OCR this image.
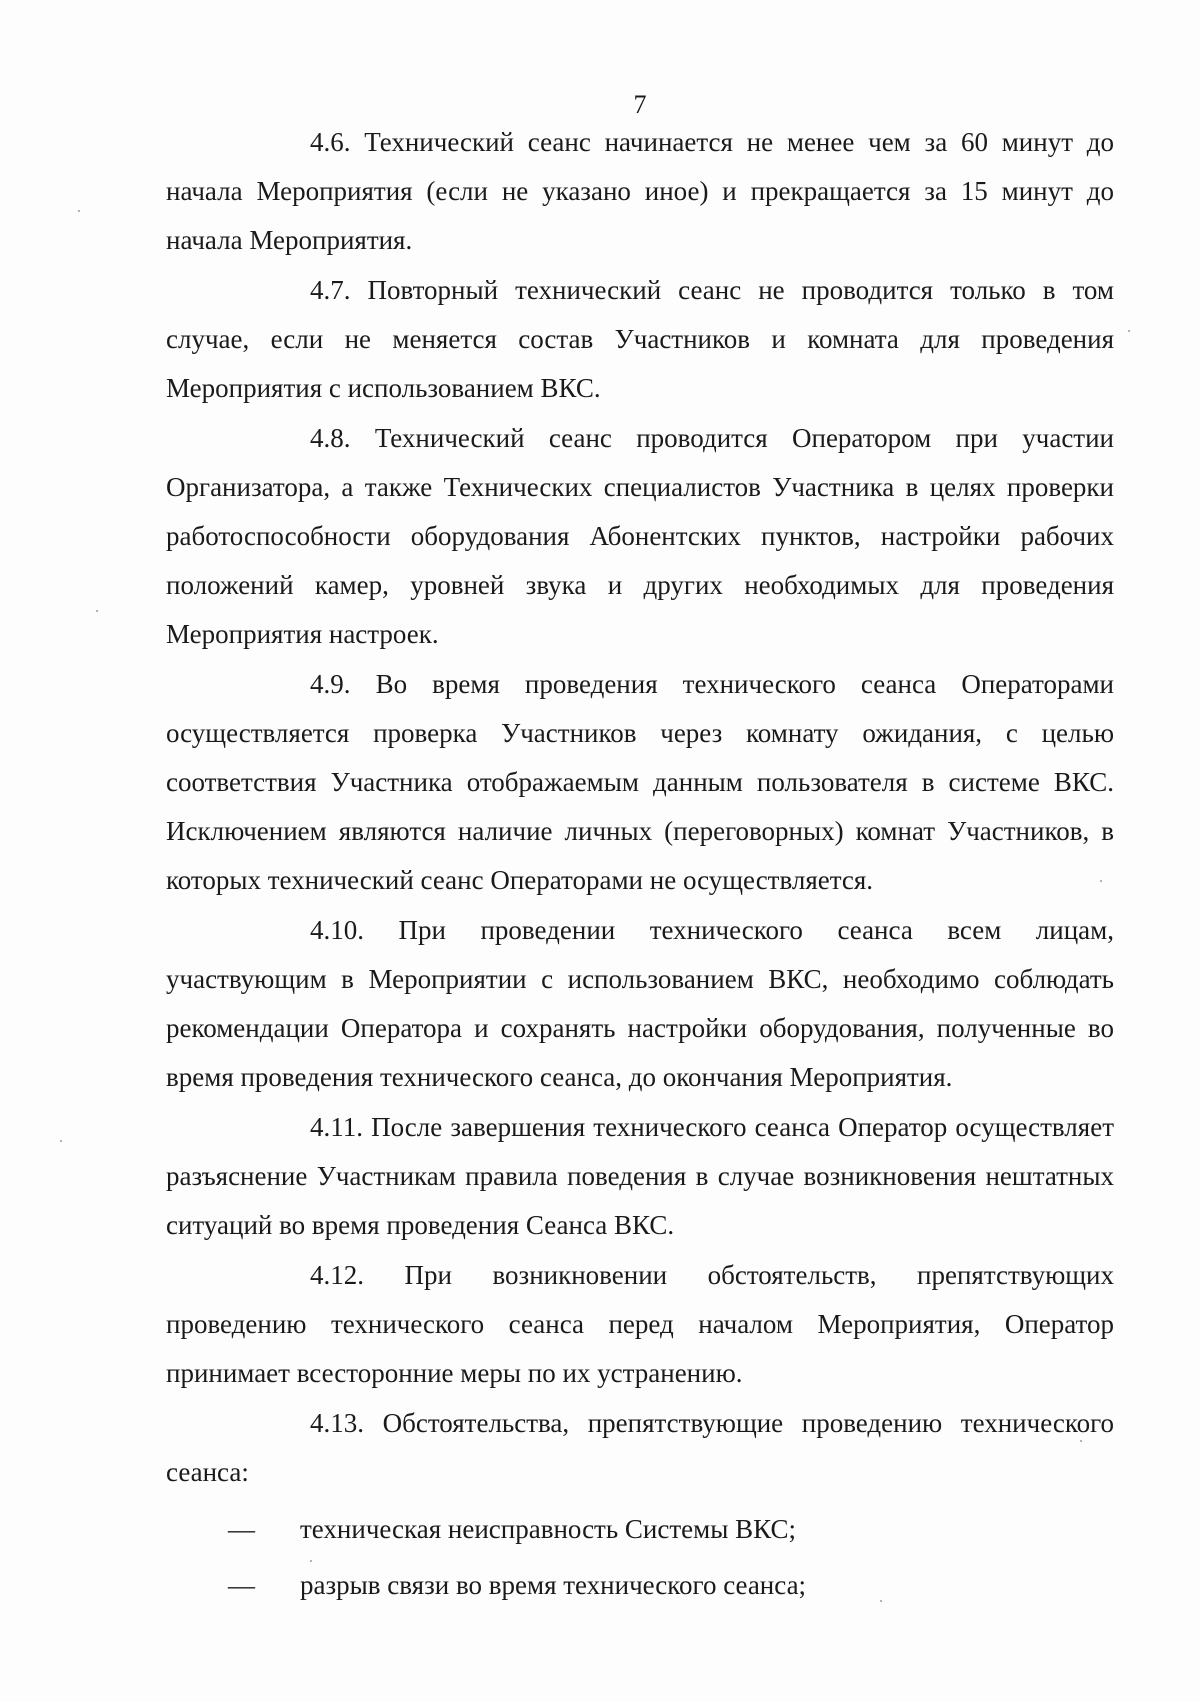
7

4.6. Технический сеанс начинается не менее чем за 60 минут до начала Мероприятия (если не указано иное) и прекращается за 15 минут до начала Мероприятия.

4.7. Повторный технический сеанс не проводится только в том случае, если не меняется состав Участников и комната для проведения Мероприятия с использованием ВКС.

4.8. Технический сеанс проводится Оператором при участии Организатора, а также Технических специалистов Участника в целях проверки работоспособности оборудования Абонентских пунктов, настройки рабочих положений камер, уровней звука и других необходимых для проведения Мероприятия настроек.

4.9. Во время проведения технического сеанса Операторами осуществляется проверка Участников через комнату ожидания, с целью соответствия Участника отображаемым данным пользователя в системе ВКС. Исключением являются наличие личных (переговорных) комнат Участников, в которых технический сеанс Операторами не осуществляется.

4.10. При проведении технического сеанса всем лицам, участвующим в Мероприятии с использованием ВКС, необходимо соблюдать рекомендации Оператора и сохранять настройки оборудования, полученные во время проведения технического сеанса, до окончания Мероприятия.

4.11. После завершения технического сеанса Оператор осуществляет разъяснение Участникам правила поведения в случае возникновения нештатных ситуаций во время проведения Сеанса ВКС.

4.12. При возникновении обстоятельств, препятствующих проведению технического сеанса перед началом Мероприятия, Оператор принимает всесторонние меры по их устранению.

4.13. Обстоятельства, препятствующие проведению технического сеанса:

—	техническая неисправность Системы ВКС;
—	разрыв связи во время технического сеанса;
